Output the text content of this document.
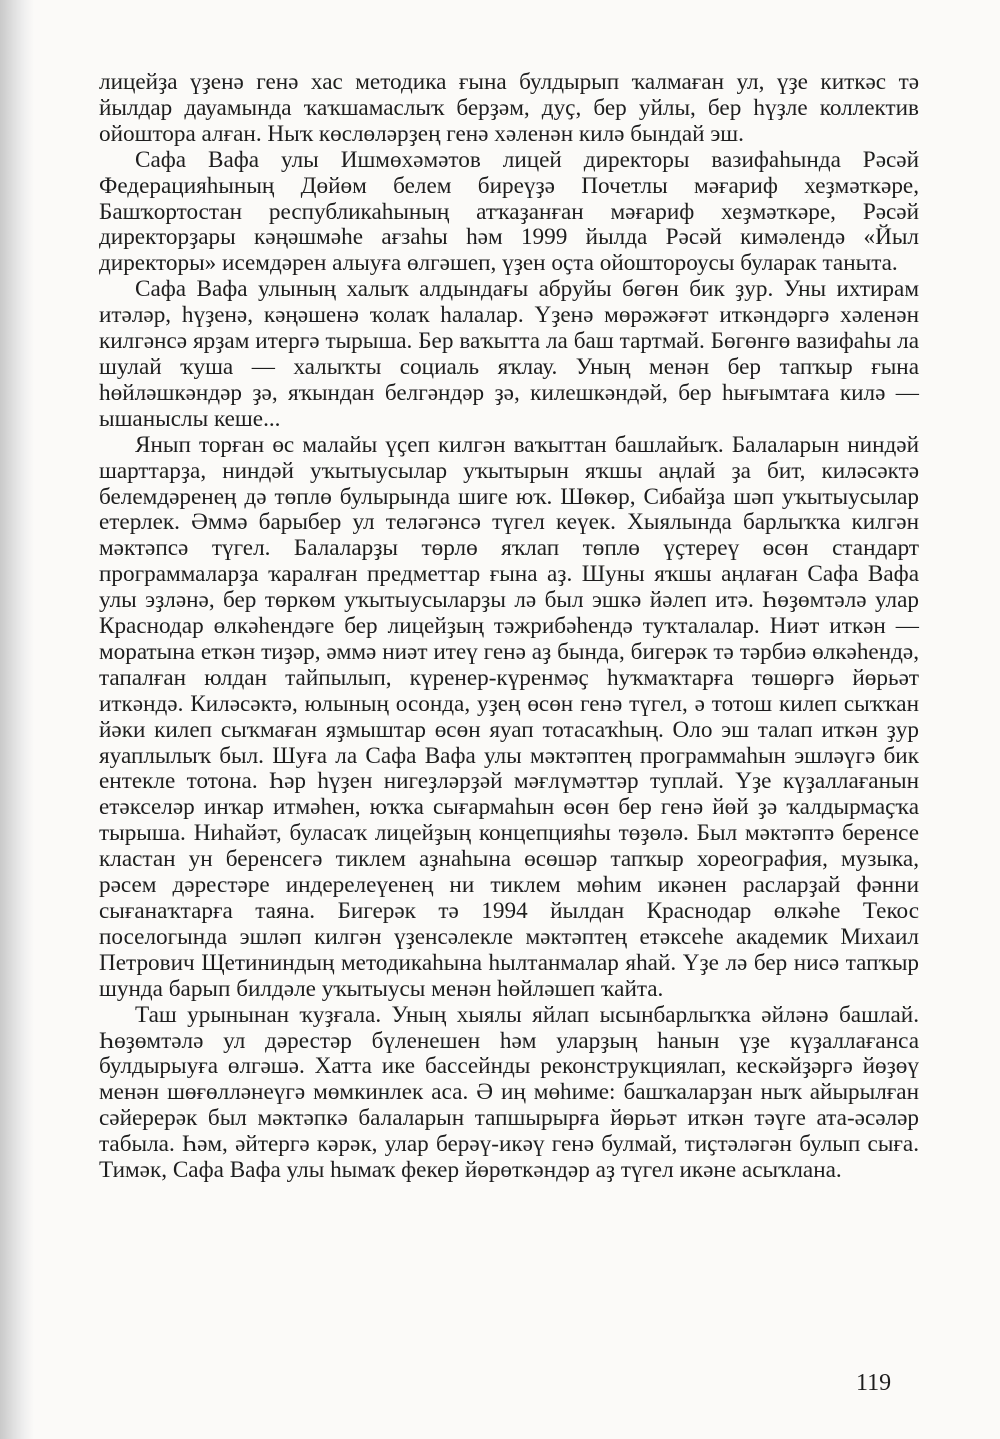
лицейҙа үҙенә генә хас методика ғына булдырып ҡалмаған ул, үҙе киткәс тә йылдар дауамында ҡаҡшамаслыҡ берҙәм, дуҫ, бер уйлы, бер һүҙле коллектив ойоштора алған. Ныҡ көслөләрҙең генә хәленән килә бындай эш.

Сафа Вафа улы Ишмөхәмәтов лицей директоры вазифаһында Рәсәй Федерацияһының Дөйөм белем биреүҙә Почетлы мәғариф хеҙмәткәре, Башҡортостан республикаһының атҡаҙанған мәғариф хеҙмәткәре, Рәсәй директорҙары кәңәшмәһе ағзаһы һәм 1999 йылда Рәсәй кимәлендә «Йыл директоры» исемдәрен алыуға өлгәшеп, үҙен оҫта ойоштороусы буларак таныта.

Сафа Вафа улының халыҡ алдындағы абруйы бөгөн бик ҙур. Уны ихтирам итәләр, һүҙенә, кәңәшенә ҡолаҡ һалалар. Үҙенә мөрәжәғәт иткәндәргә хәленән килгәнсә ярҙам итергә тырыша. Бер ваҡытта ла баш тартмай. Бөгөнгө вазифаһы ла шулай ҡуша — халыҡты социаль яҡлау. Уның менән бер тапҡыр ғына һөйләшкәндәр ҙә, яҡындан белгәндәр ҙә, килешкәндәй, бер һығымтаға килә — ышаныслы кеше...

Янып торған өс малайы үҫеп килгән ваҡыттан башлайыҡ. Балаларын ниндәй шарттарҙа, ниндәй уҡытыусылар уҡытырын яҡшы аңлай ҙа бит, киләсәктә белемдәренең дә төплө булырында шиге юҡ. Шөкөр, Сибайҙа шәп уҡытыусылар етерлек. Әммә барыбер ул теләгәнсә түгел кеүек. Хыялында барлыҡҡа килгән мәктәпсә түгел. Балаларҙы төрлө яҡлап төплө үҫтереү өсөн стандарт программаларҙа ҡаралған предметтар ғына аҙ. Шуны яҡшы аңлаған Сафа Вафа улы эҙләнә, бер төркөм уҡытыусыларҙы лә был эшкә йәлеп итә. Һөҙөмтәлә улар Краснодар өлкәһендәге бер лицейҙың тәжрибәһендә туҡталалар. Ниәт иткән — моратына еткән тиҙәр, әммә ниәт итеү генә аҙ бында, бигерәк тә тәрбиә өлкәһендә, тапалған юлдан тайпылып, күренер-күренмәҫ һуҡмаҡтарға төшөргә йөрьәт иткәндә. Киләсәктә, юлының осонда, уҙең өсөн генә түгел, ә тотош килеп сыҡҡан йәки килеп сыҡмаған яҙмыштар өсөн яуап тотасаҡһың. Оло эш талап иткән ҙур яуаплылыҡ был. Шуға ла Сафа Вафа улы мәктәптең программаһын эшләүгә бик ентекле тотона. Һәр һүҙен нигеҙләрҙәй мәғлүмәттәр туплай. Үҙе күҙаллағанын етәкселәр инҡар итмәһен, юҡҡа сығармаһын өсөн бер генә йөй ҙә ҡалдырмаҫҡа тырыша. Ниһайәт, буласаҡ лицейҙың концепцияһы төҙөлә. Был мәктәптә беренсе кластан ун беренсегә тиклем аҙнаһына өсөшәр тапҡыр хореография, музыка, рәсем дәрестәре индерелеүенең ни тиклем мөһим икәнен расларҙай фәнни сығанаҡтарға таяна. Бигерәк тә 1994 йылдан Краснодар өлкәһе Текос поселогында эшләп килгән үҙенсәлекле мәктәптең етәксеһе академик Михаил Петрович Щетининдың методикаһына һылтанмалар яһай. Үҙе лә бер нисә тапҡыр шунда барып билдәле уҡытыусы менән һөйләшеп ҡайта.

Таш урынынан ҡуҙғала. Уның хыялы яйлап ысынбарлыҡҡа әйләнә башлай. Һөҙөмтәлә ул дәрестәр бүленешен һәм уларҙың һанын үҙе күҙаллағанса булдырыуға өлгәшә. Хатта ике бассейнды реконструкциялап, кескәйҙәргә йөҙөү менән шөғөлләнеүгә мөмкинлек аса. Ә иң мөһиме: башҡаларҙан ныҡ айырылған сәйерерәк был мәктәпкә балаларын тапшырырға йөрьәт иткән тәүге ата-әсәләр табыла. Һәм, әйтергә кәрәк, улар берәү-икәү генә булмай, тиҫтәләгән булып сыға. Тимәк, Сафа Вафа улы һымаҡ фекер йөрөткәндәр аҙ түгел икәне асыҡлана.

119
